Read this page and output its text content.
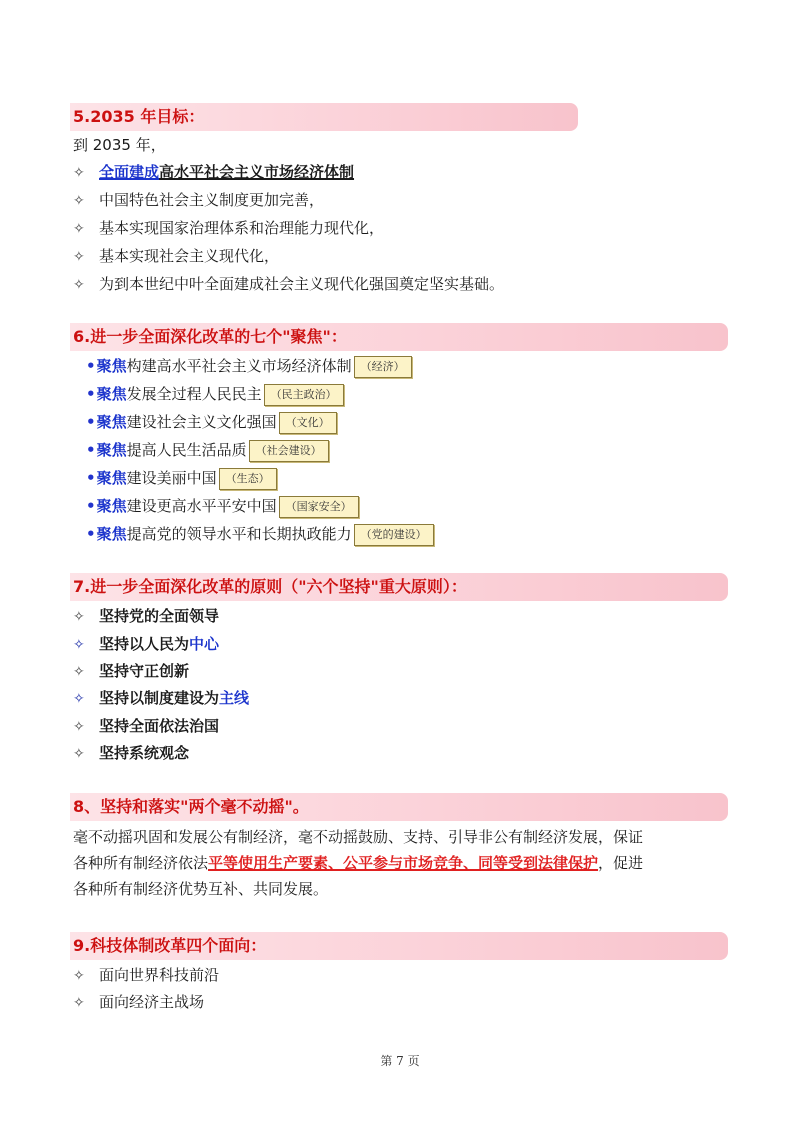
5.2035 年目标：
到 2035 年，
✧ 全面建成高水平社会主义市场经济体制
✧ 中国特色社会主义制度更加完善，
✧ 基本实现国家治理体系和治理能力现代化，
✧ 基本实现社会主义现代化，
✧ 为到本世纪中叶全面建成社会主义现代化强国奠定坚实基础。
6.进一步全面深化改革的七个"聚焦"：
•聚焦构建高水平社会主义市场经济体制 （经济）
•聚焦发展全过程人民民主 （民主政治）
•聚焦建设社会主义文化强国 （文化）
•聚焦提高人民生活品质 （社会建设）
•聚焦建设美丽中国 （生态）
•聚焦建设更高水平平安中国 （国家安全）
•聚焦提高党的领导水平和长期执政能力 （党的建设）
7.进一步全面深化改革的原则（"六个坚持"重大原则）：
✧ 坚持党的全面领导
✧ 坚持以人民为中心
✧ 坚持守正创新
✧ 坚持以制度建设为主线
✧ 坚持全面依法治国
✧ 坚持系统观念
8、坚持和落实"两个毫不动摇"。
毫不动摇巩固和发展公有制经济，毫不动摇鼓励、支持、引导非公有制经济发展，保证
各种所有制经济依法平等使用生产要素、公平参与市场竞争、同等受到法律保护，促进
各种所有制经济优势互补、共同发展。
9.科技体制改革四个面向：
✧ 面向世界科技前沿
✧ 面向经济主战场
第 7 页
